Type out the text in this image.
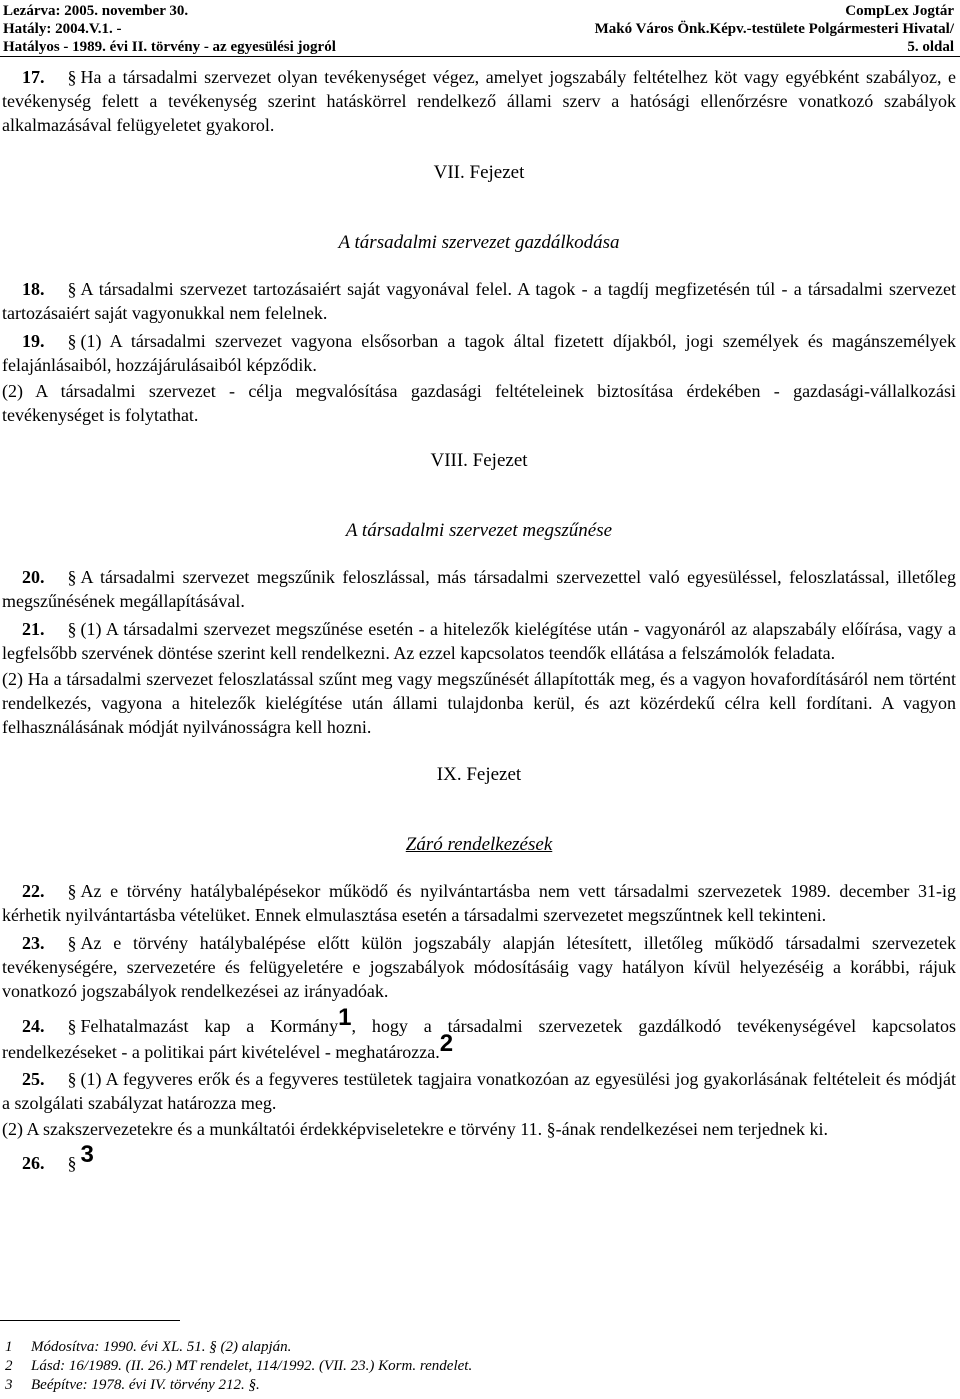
Lezárva: 2005. november 30.
Hatály: 2004.V.1. -
Hatályos - 1989. évi II. törvény - az egyesülési jogról
CompLex Jogtár
Makó Város Önk.Képv.-testülete Polgármesteri Hivatal/
5. oldal

17. § Ha a társadalmi szervezet olyan tevékenységet végez, amelyet jogszabály feltételhez köt vagy egyébként szabályoz, e tevékenység felett a tevékenység szerint hatáskörrel rendelkező állami szerv a hatósági ellenőrzésre vonatkozó szabályok alkalmazásával felügyeletet gyakorol.

VII. Fejezet

A társadalmi szervezet gazdálkodása

18. § A társadalmi szervezet tartozásaiért saját vagyonával felel. A tagok - a tagdíj megfizetésén túl - a társadalmi szervezet tartozásaiért saját vagyonukkal nem felelnek.

19. § (1) A társadalmi szervezet vagyona elsősorban a tagok által fizetett díjakból, jogi személyek és magánszemélyek felajánlásaiból, hozzájárulásaiból képződik.

(2) A társadalmi szervezet - célja megvalósítása gazdasági feltételeinek biztosítása érdekében - gazdasági-vállalkozási tevékenységet is folytathat.

VIII. Fejezet

A társadalmi szervezet megszűnése

20. § A társadalmi szervezet megszűnik feloszlással, más társadalmi szervezettel való egyesüléssel, feloszlatással, illetőleg megszűnésének megállapításával.

21. § (1) A társadalmi szervezet megszűnése esetén - a hitelezők kielégítése után - vagyonáról az alapszabály előírása, vagy a legfelsőbb szervének döntése szerint kell rendelkezni. Az ezzel kapcsolatos teendők ellátása a felszámolók feladata.

(2) Ha a társadalmi szervezet feloszlatással szűnt meg vagy megszűnését állapították meg, és a vagyon hovafordításáról nem történt rendelkezés, vagyona a hitelezők kielégítése után állami tulajdonba kerül, és azt közérdekű célra kell fordítani. A vagyon felhasználásának módját nyilvánosságra kell hozni.

IX. Fejezet

Záró rendelkezések

22. § Az e törvény hatálybalépésekor működő és nyilvántartásba nem vett társadalmi szervezetek 1989. december 31-ig kérhetik nyilvántartásba vételüket. Ennek elmulasztása esetén a társadalmi szervezetet megszűntnek kell tekinteni.

23. § Az e törvény hatálybalépése előtt külön jogszabály alapján létesített, illetőleg működő társadalmi szervezetek tevékenységére, szervezetére és felügyeletére e jogszabályok módosításáig vagy hatályon kívül helyezéséig a korábbi, rájuk vonatkozó jogszabályok rendelkezései az irányadóak.

24. § Felhatalmazást kap a Kormány1, hogy a társadalmi szervezetek gazdálkodó tevékenységével kapcsolatos rendelkezéseket - a politikai párt kivételével - meghatározza.2

25. § (1) A fegyveres erők és a fegyveres testületek tagjaira vonatkozóan az egyesülési jog gyakorlásának feltételeit és módját a szolgálati szabályzat határozza meg.

(2) A szakszervezetekre és a munkáltatói érdekképviseletekre e törvény 11. §-ának rendelkezései nem terjednek ki.

26. § 3

1	Módosítva: 1990. évi XL. 51. § (2) alapján.
2	Lásd: 16/1989. (II. 26.) MT rendelet, 114/1992. (VII. 23.) Korm. rendelet.
3	Beépítve: 1978. évi IV. törvény 212. §.
